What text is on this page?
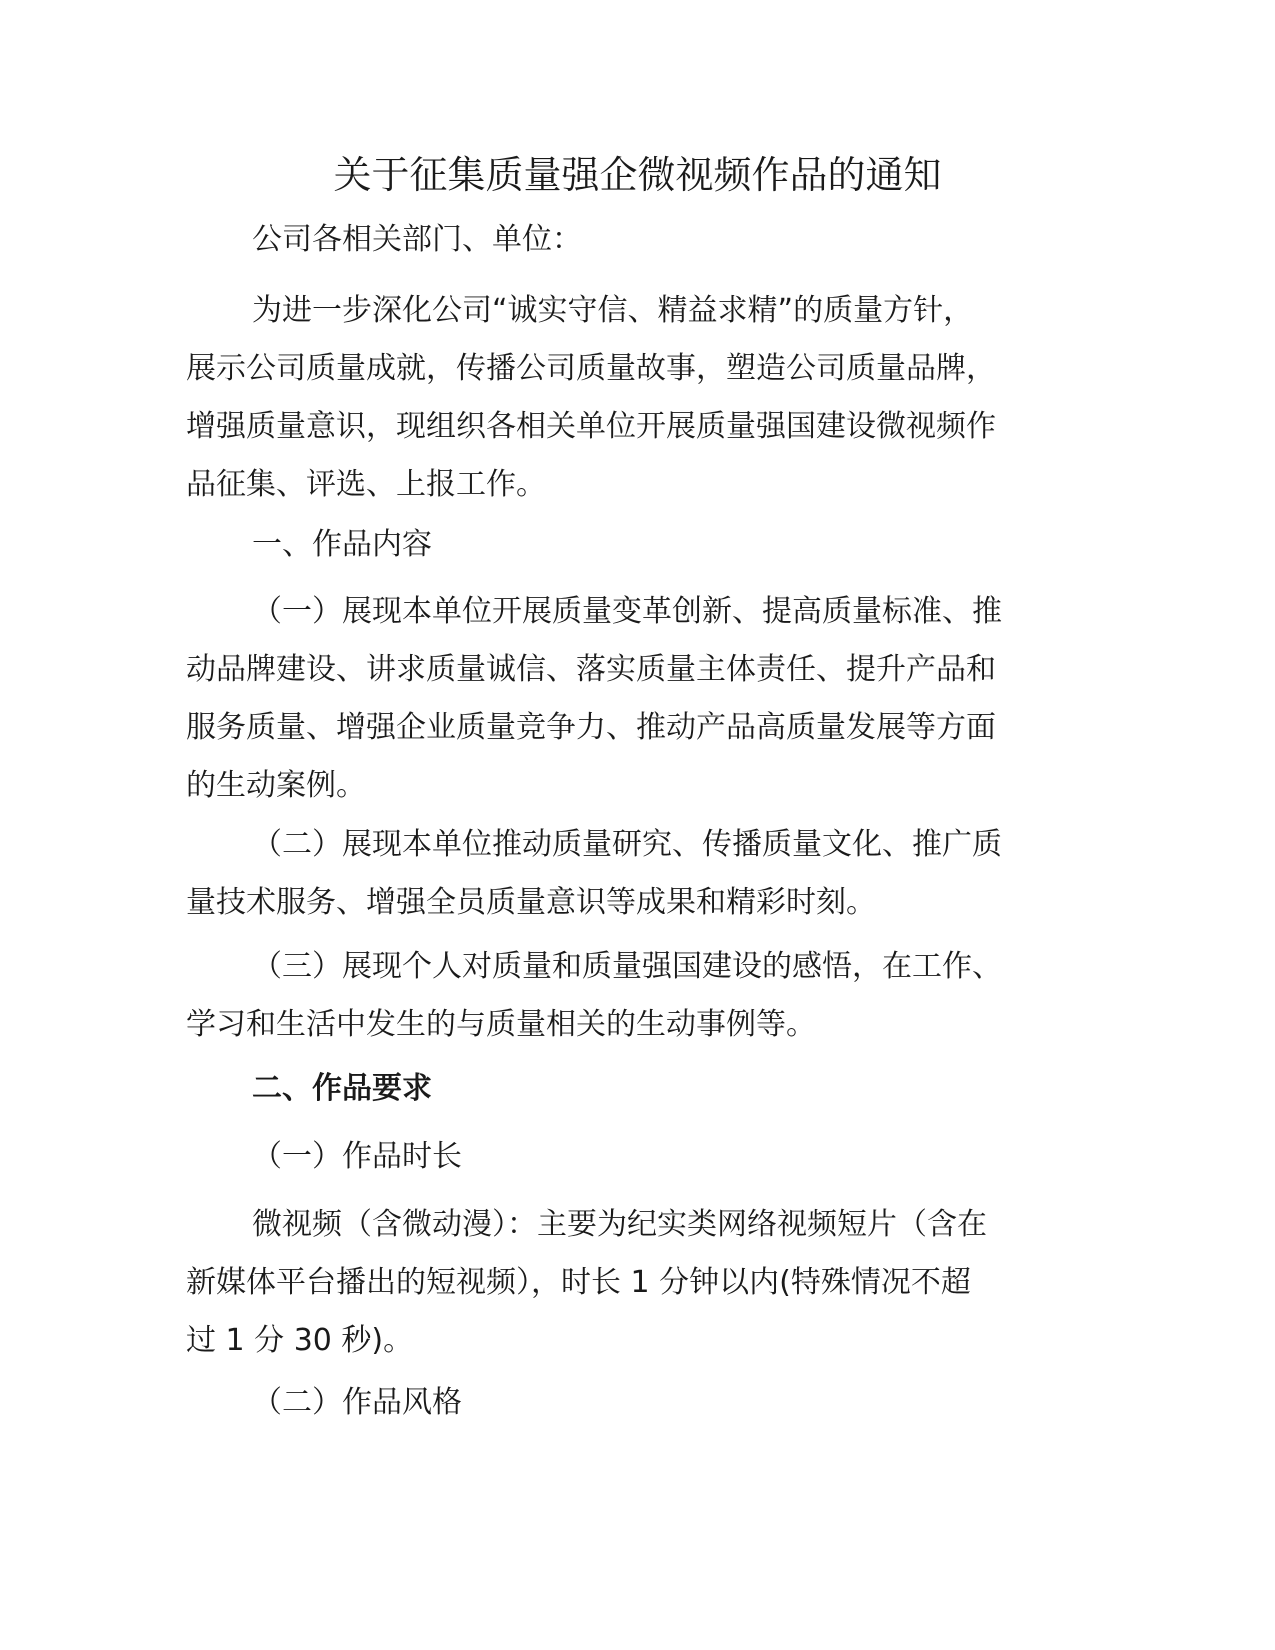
关于征集质量强企微视频作品的通知
公司各相关部门、单位：
为进一步深化公司“诚实守信、精益求精”的质量方针，
展示公司质量成就，传播公司质量故事，塑造公司质量品牌，
增强质量意识，现组织各相关单位开展质量强国建设微视频作
品征集、评选、上报工作。
一、作品内容
（一）展现本单位开展质量变革创新、提高质量标准、推
动品牌建设、讲求质量诚信、落实质量主体责任、提升产品和
服务质量、增强企业质量竞争力、推动产品高质量发展等方面
的生动案例。
（二）展现本单位推动质量研究、传播质量文化、推广质
量技术服务、增强全员质量意识等成果和精彩时刻。
（三）展现个人对质量和质量强国建设的感悟，在工作、
学习和生活中发生的与质量相关的生动事例等。
二、作品要求
（一）作品时长
微视频（含微动漫）：主要为纪实类网络视频短片（含在
新媒体平台播出的短视频），时长 1 分钟以内(特殊情况不超
过 1 分 30 秒)。
（二）作品风格
